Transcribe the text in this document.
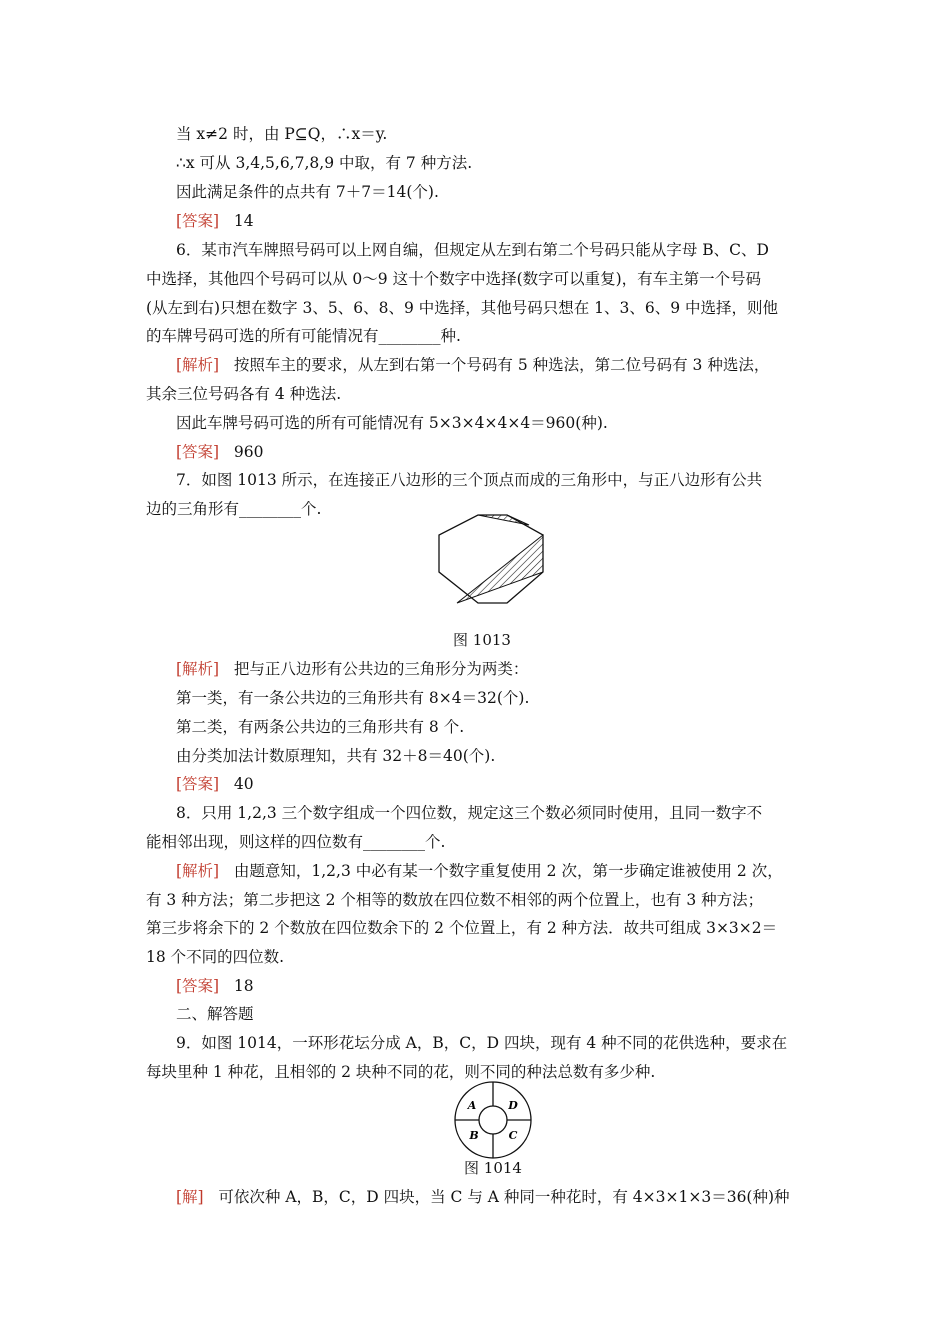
当 x≠2 时，由 P⊆Q，∴x＝y.
∴x 可从 3,4,5,6,7,8,9 中取，有 7 种方法.
因此满足条件的点共有 7＋7＝14(个).
[答案] 14
6．某市汽车牌照号码可以上网自编，但规定从左到右第二个号码只能从字母 B、C、D
中选择，其他四个号码可以从 0～9 这十个数字中选择(数字可以重复)，有车主第一个号码
(从左到右)只想在数字 3、5、6、8、9 中选择，其他号码只想在 1、3、6、9 中选择，则他
的车牌号码可选的所有可能情况有________种.
[解析] 按照车主的要求，从左到右第一个号码有 5 种选法，第二位号码有 3 种选法，
其余三位号码各有 4 种选法.
因此车牌号码可选的所有可能情况有 5×3×4×4×4＝960(种).
[答案] 960
7．如图 1013 所示，在连接正八边形的三个顶点而成的三角形中，与正八边形有公共
边的三角形有________个.
图 1013
[解析] 把与正八边形有公共边的三角形分为两类：
第一类，有一条公共边的三角形共有 8×4＝32(个).
第二类，有两条公共边的三角形共有 8 个.
由分类加法计数原理知，共有 32＋8＝40(个).
[答案] 40
8．只用 1,2,3 三个数字组成一个四位数，规定这三个数必须同时使用，且同一数字不
能相邻出现，则这样的四位数有________个.
[解析] 由题意知，1,2,3 中必有某一个数字重复使用 2 次，第一步确定谁被使用 2 次，
有 3 种方法；第二步把这 2 个相等的数放在四位数不相邻的两个位置上，也有 3 种方法；
第三步将余下的 2 个数放在四位数余下的 2 个位置上，有 2 种方法．故共可组成 3×3×2＝
18 个不同的四位数.
[答案] 18
二、解答题
9．如图 1014，一环形花坛分成 A，B，C，D 四块，现有 4 种不同的花供选种，要求在
每块里种 1 种花，且相邻的 2 块种不同的花，则不同的种法总数有多少种.
A	D
B	C
图 1014
[解] 可依次种 A，B，C，D 四块，当 C 与 A 种同一种花时，有 4×3×1×3＝36(种)种
